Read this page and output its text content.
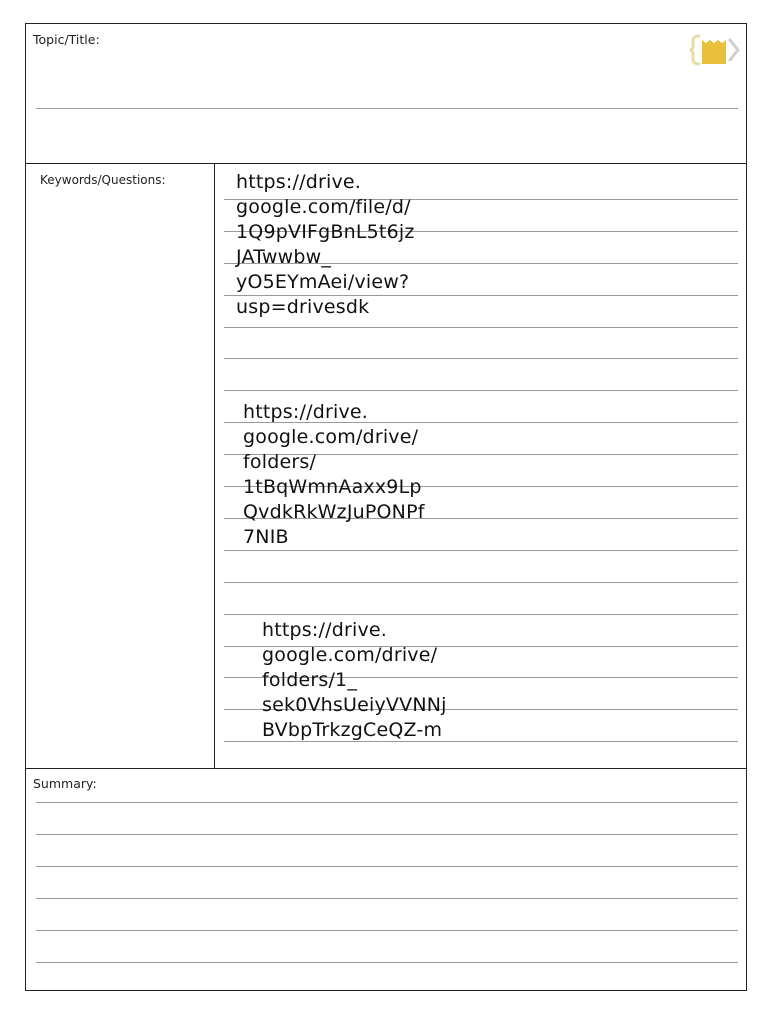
Topic/Title:
Keywords/Questions:	https://drive.
google.com/file/d/
1Q9pVIFgBnL5t6jz
JATwwbw_
yO5EYmAei/view?
usp=drivesdk
https://drive.
google.com/drive/
folders/
1tBqWmnAaxx9Lp
QvdkRkWzJuPONPf
7NIB
https://drive.
google.com/drive/
folders/1_
sek0VhsUeiyVVNNj
BVbpTrkzgCeQZ-m
Summary:
